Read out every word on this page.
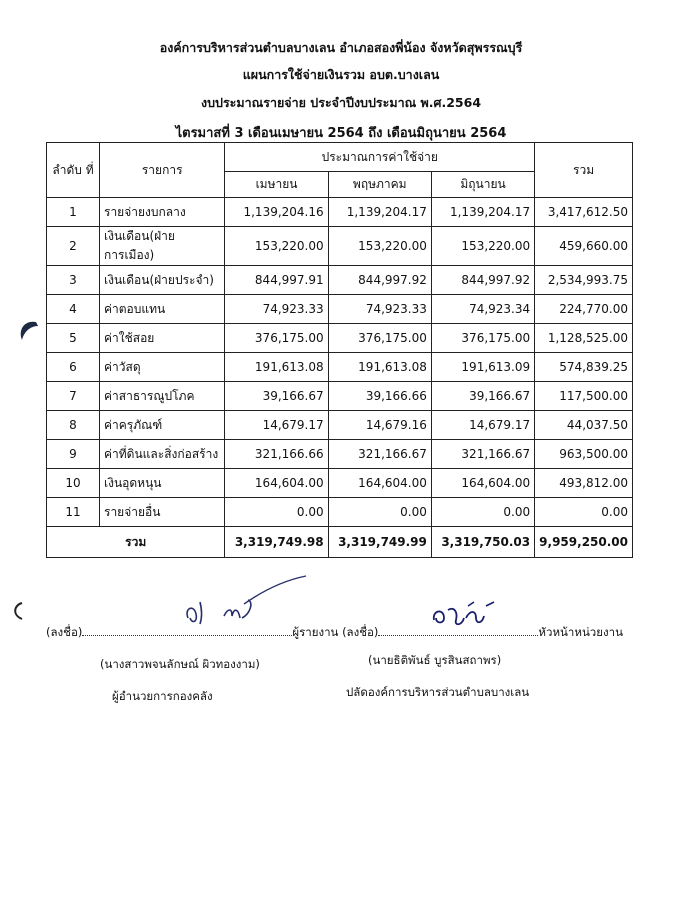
องค์การบริหารส่วนตำบลบางเลน อำเภอสองพี่น้อง จังหวัดสุพรรณบุรี
แผนการใช้จ่ายเงินรวม อบต.บางเลน
งบประมาณรายจ่าย ประจำปีงบประมาณ พ.ศ.2564
ไตรมาสที่ 3 เดือนเมษายน 2564 ถึง เดือนมิถุนายน 2564
ลำดับ ที่	รายการ	ประมาณการค่าใช้จ่าย			รวม
		เมษายน	พฤษภาคม	มิถุนายน	
1	รายจ่ายงบกลาง	1,139,204.16	1,139,204.17	1,139,204.17	3,417,612.50
2	เงินเดือน(ฝ่ายการเมือง)	153,220.00	153,220.00	153,220.00	459,660.00
3	เงินเดือน(ฝ่ายประจำ)	844,997.91	844,997.92	844,997.92	2,534,993.75
4	ค่าตอบแทน	74,923.33	74,923.33	74,923.34	224,770.00
5	ค่าใช้สอย	376,175.00	376,175.00	376,175.00	1,128,525.00
6	ค่าวัสดุ	191,613.08	191,613.08	191,613.09	574,839.25
7	ค่าสาธารณูปโภค	39,166.67	39,166.66	39,166.67	117,500.00
8	ค่าครุภัณฑ์	14,679.17	14,679.16	14,679.17	44,037.50
9	ค่าที่ดินและสิ่งก่อสร้าง	321,166.66	321,166.67	321,166.67	963,500.00
10	เงินอุดหนุน	164,604.00	164,604.00	164,604.00	493,812.00
11	รายจ่ายอื่น	0.00	0.00	0.00	0.00
รวม		3,319,749.98	3,319,749.99	3,319,750.03	9,959,250.00
(ลงชื่อ)	ผู้รายงาน (ลงชื่อ)	หัวหน้าหน่วยงาน
(นางสาวพจนลักษณ์ ผิวทองงาม)
ผู้อำนวยการกองคลัง
(นายธิติพันธ์ บูรสินสถาพร)
ปลัดองค์การบริหารส่วนตำบลบางเลน
